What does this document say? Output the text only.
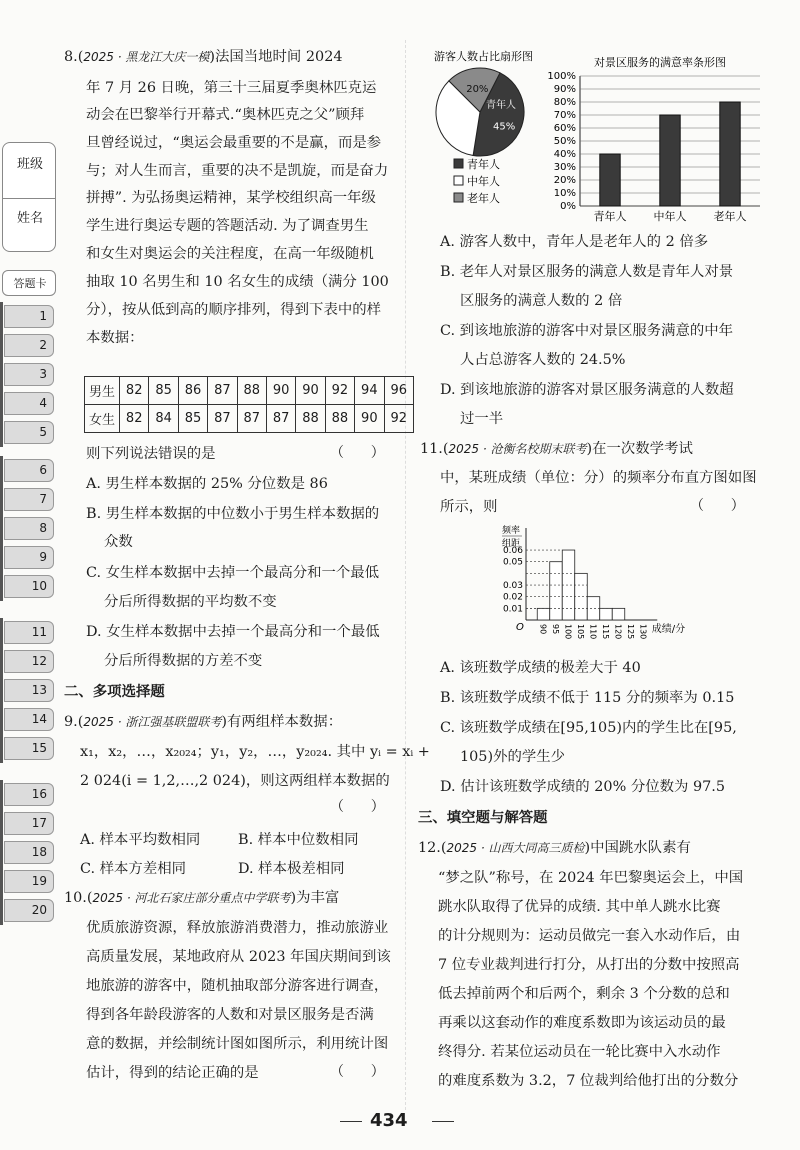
班级
姓名
答题卡
1
2
3
4
5
6
7
8
9
10
11
12
13
14
15
16
17
18
19
20
8.(2025 · 黑龙江大庆一模)法国当地时间 2024
年 7 月 26 日晚，第三十三届夏季奥林匹克运
动会在巴黎举行开幕式.“奥林匹克之父”顾拜
旦曾经说过，“奥运会最重要的不是赢，而是参
与；对人生而言，重要的决不是凯旋，而是奋力
拼搏”. 为弘扬奥运精神，某学校组织高一年级
学生进行奥运专题的答题活动. 为了调查男生
和女生对奥运会的关注程度，在高一年级随机
抽取 10 名男生和 10 名女生的成绩（满分 100
分），按从低到高的顺序排列，得到下表中的样
本数据：
男生	82	85	86	87	88	90	90	92	94	96
女生	82	84	85	87	87	87	88	88	90	92
则下列说法错误的是	（      ）
A. 男生样本数据的 25% 分位数是 86
B. 男生样本数据的中位数小于男生样本数据的
众数
C. 女生样本数据中去掉一个最高分和一个最低
分后所得数据的平均数不变
D. 女生样本数据中去掉一个最高分和一个最低
分后所得数据的方差不变
二、多项选择题
9.(2025 · 浙江强基联盟联考)有两组样本数据：
x₁，x₂，…，x₂₀₂₄；y₁，y₂，…，y₂₀₂₄. 其中 yᵢ = xᵢ +
2 024(i = 1,2,…,2 024)，则这两组样本数据的
（      ）
A. 样本平均数相同	B. 样本中位数相同
C. 样本方差相同	D. 样本极差相同
10.(2025 · 河北石家庄部分重点中学联考)为丰富
优质旅游资源，释放旅游消费潜力，推动旅游业
高质量发展，某地政府从 2023 年国庆期间到该
地旅游的游客中，随机抽取部分游客进行调查，
得到各年龄段游客的人数和对景区服务是否满
意的数据，并绘制统计图如图所示，利用统计图
估计，得到的结论正确的是	（      ）
游客人数占比扇形图
45%
20%
青年人
青年人
中年人
老年人
对景区服务的满意率条形图
0%
10%
20%
30%
40%
50%
60%
70%
80%
90%
100%
青年人 中年人 老年人
A. 游客人数中，青年人是老年人的 2 倍多
B. 老年人对景区服务的满意人数是青年人对景
区服务的满意人数的 2 倍
C. 到该地旅游的游客中对景区服务满意的中年
人占总游客人数的 24.5%
D. 到该地旅游的游客对景区服务满意的人数超
过一半
11.(2025 · 沧衡名校期末联考)在一次数学考试
中，某班成绩（单位：分）的频率分布直方图如图
所示，则	（      ）
频率
组距
0.06
0.05
0.03
0.02
0.01
O 90 95 100 105 110 115 120 125 130 成绩/分
A. 该班数学成绩的极差大于 40
B. 该班数学成绩不低于 115 分的频率为 0.15
C. 该班数学成绩在[95,105)内的学生比在[95,
105)外的学生少
D. 估计该班数学成绩的 20% 分位数为 97.5
三、填空题与解答题
12.(2025 · 山西大同高三质检)中国跳水队素有
“梦之队”称号，在 2024 年巴黎奥运会上，中国
跳水队取得了优异的成绩. 其中单人跳水比赛
的计分规则为：运动员做完一套入水动作后，由
7 位专业裁判进行打分，从打出的分数中按照高
低去掉前两个和后两个，剩余 3 个分数的总和
再乘以这套动作的难度系数即为该运动员的最
终得分. 若某位运动员在一轮比赛中入水动作
的难度系数为 3.2，7 位裁判给他打出的分数分
434
